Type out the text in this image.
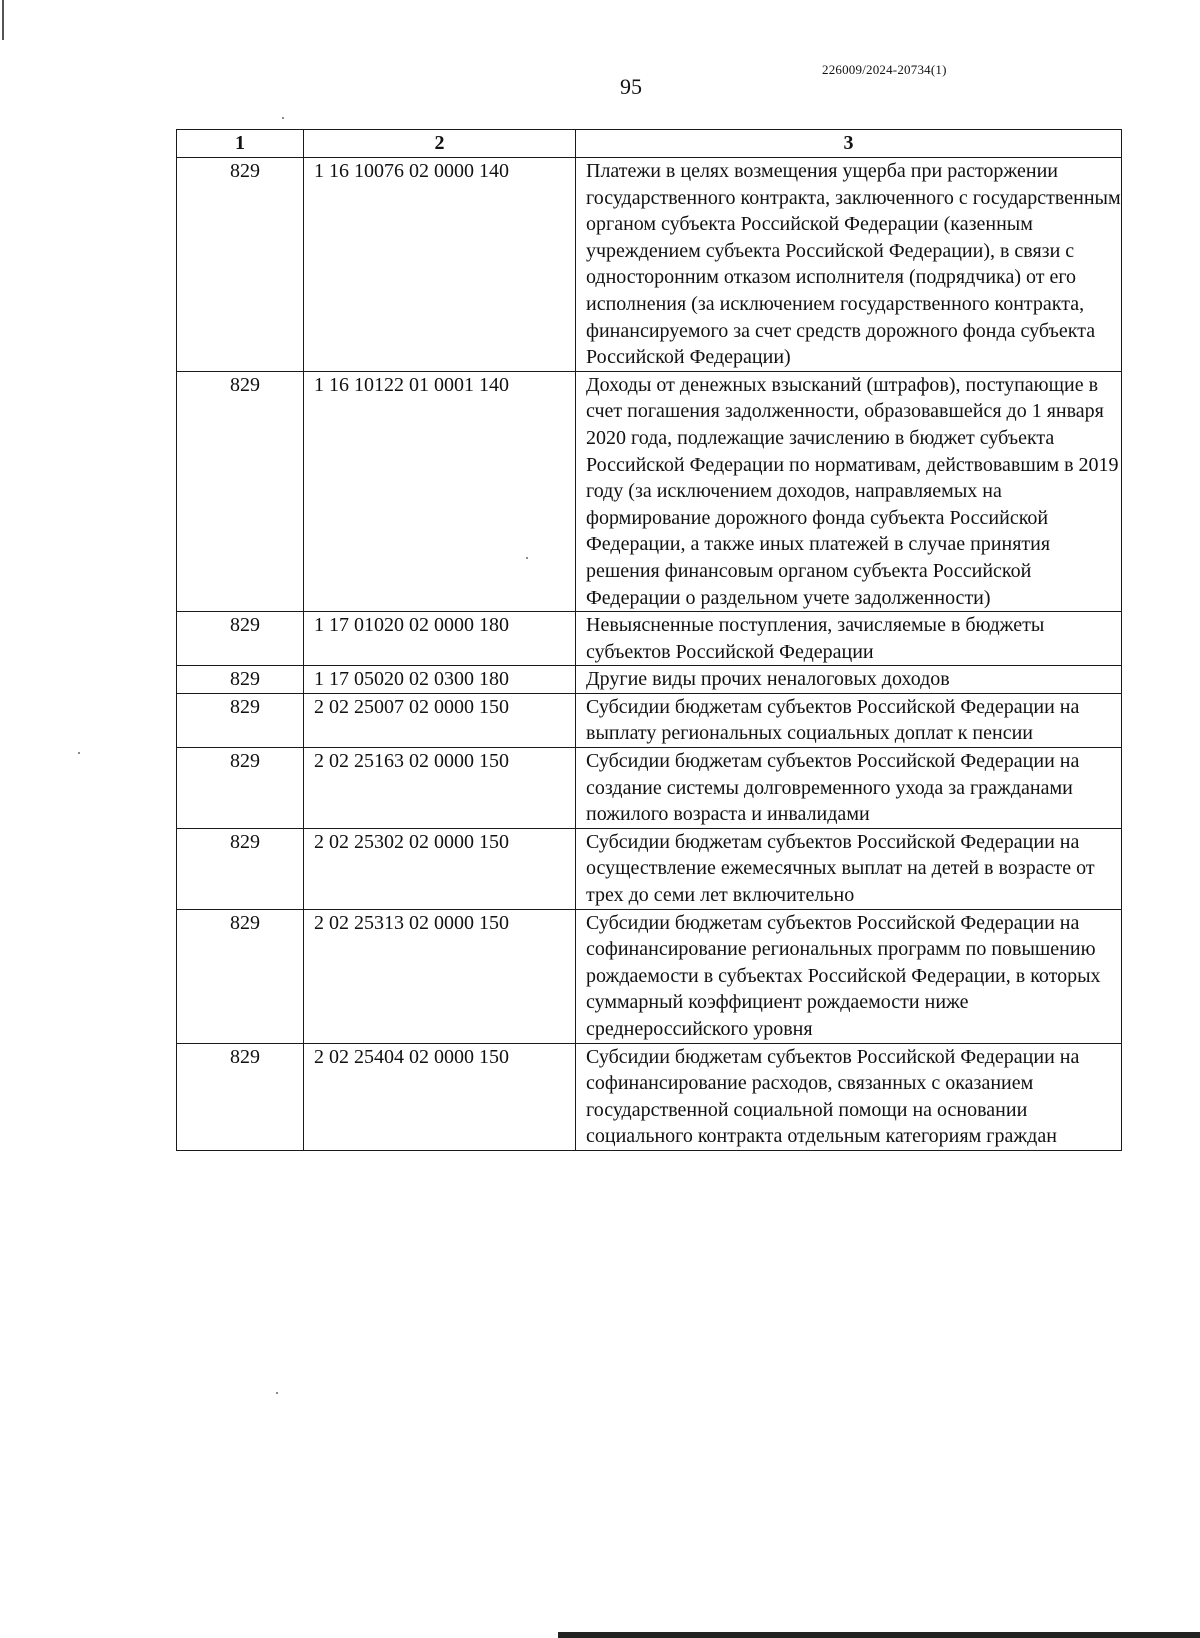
226009/2024-20734(1)
95
1	2	3
829	1 16 10076 02 0000 140	Платежи в целях возмещения ущерба при расторжении государственного контракта, заключенного с государственным органом субъекта Российской Федерации (казенным учреждением субъекта Российской Федерации), в связи с односторонним отказом исполнителя (подрядчика) от его исполнения (за исключением государственного контракта, финансируемого за счет средств дорожного фонда субъекта Российской Федерации)
829	1 16 10122 01 0001 140	Доходы от денежных взысканий (штрафов), поступающие в счет погашения задолженности, образовавшейся до 1 января 2020 года, подлежащие зачислению в бюджет субъекта Российской Федерации по нормативам, действовавшим в 2019 году (за исключением доходов, направляемых на формирование дорожного фонда субъекта Российской Федерации, а также иных платежей в случае принятия решения финансовым органом субъекта Российской Федерации о раздельном учете задолженности)
829	1 17 01020 02 0000 180	Невыясненные поступления, зачисляемые в бюджеты субъектов Российской Федерации
829	1 17 05020 02 0300 180	Другие виды прочих неналоговых доходов
829	2 02 25007 02 0000 150	Субсидии бюджетам субъектов Российской Федерации на выплату региональных социальных доплат к пенсии
829	2 02 25163 02 0000 150	Субсидии бюджетам субъектов Российской Федерации на создание системы долговременного ухода за гражданами пожилого возраста и инвалидами
829	2 02 25302 02 0000 150	Субсидии бюджетам субъектов Российской Федерации на осуществление ежемесячных выплат на детей в возрасте от трех до семи лет включительно
829	2 02 25313 02 0000 150	Субсидии бюджетам субъектов Российской Федерации на софинансирование региональных программ по повышению рождаемости в субъектах Российской Федерации, в которых суммарный коэффициент рождаемости ниже среднероссийского уровня
829	2 02 25404 02 0000 150	Субсидии бюджетам субъектов Российской Федерации на софинансирование расходов, связанных с оказанием государственной социальной помощи на основании социального контракта отдельным категориям граждан
